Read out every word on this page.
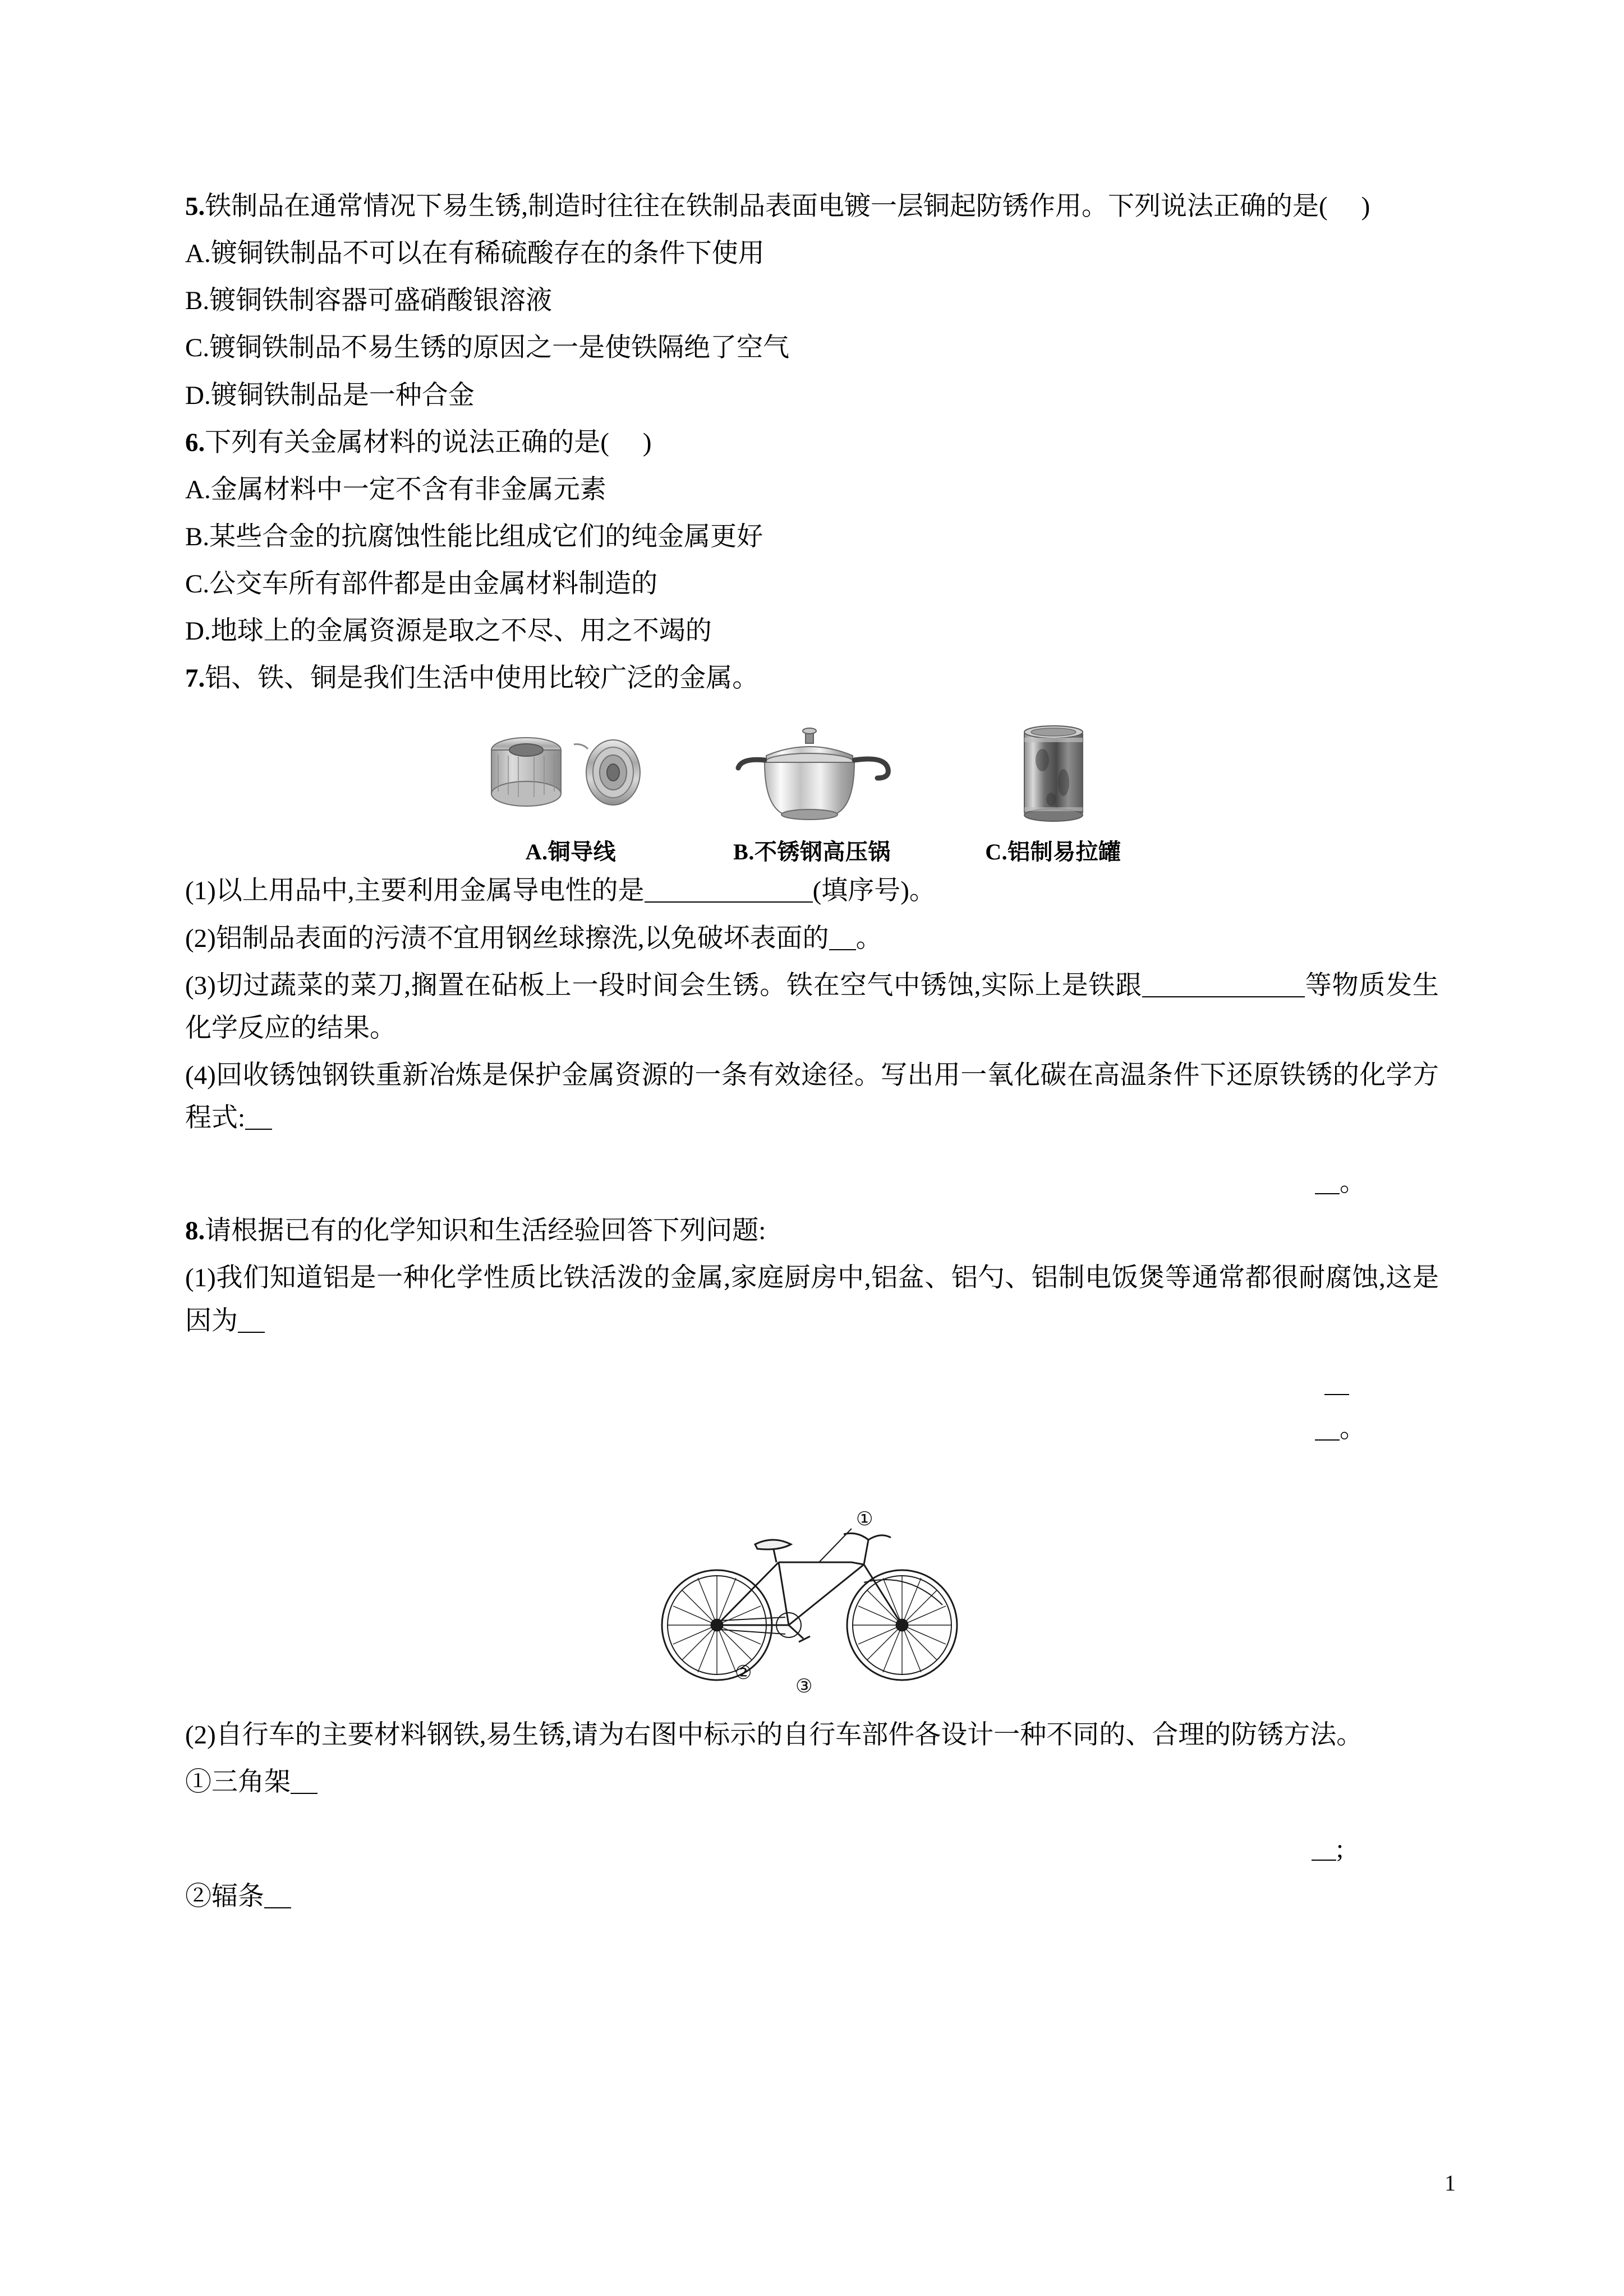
5.铁制品在通常情况下易生锈,制造时往往在铁制品表面电镀一层铜起防锈作用。下列说法正确的是( )

A.镀铜铁制品不可以在有稀硫酸存在的条件下使用

B.镀铜铁制容器可盛硝酸银溶液

C.镀铜铁制品不易生锈的原因之一是使铁隔绝了空气

D.镀铜铁制品是一种合金

6.下列有关金属材料的说法正确的是( )

A.金属材料中一定不含有非金属元素

B.某些合金的抗腐蚀性能比组成它们的纯金属更好

C.公交车所有部件都是由金属材料制造的

D.地球上的金属资源是取之不尽、用之不竭的

7.铝、铁、铜是我们生活中使用比较广泛的金属。

A.铜导线	B.不锈钢高压锅	C.铝制易拉罐

(1)以上用品中,主要利用金属导电性的是	(填序号)。

(2)铝制品表面的污渍不宜用钢丝球擦洗,以免破坏表面的 。

(3)切过蔬菜的菜刀,搁置在砧板上一段时间会生锈。铁在空气中锈蚀,实际上是铁跟	等物质发生化学反应的结果。

(4)回收锈蚀钢铁重新冶炼是保护金属资源的一条有效途径。写出用一氧化碳在高温条件下还原铁锈的化学方程式:

。

8.请根据已有的化学知识和生活经验回答下列问题:

(1)我们知道铝是一种化学性质比铁活泼的金属,家庭厨房中,铝盆、铝勺、铝制电饭煲等通常都很耐腐蚀,这是因为

。

①
②
③

(2)自行车的主要材料钢铁,易生锈,请为右图中标示的自行车部件各设计一种不同的、合理的防锈方法。

①三角架

;

②辐条

1
